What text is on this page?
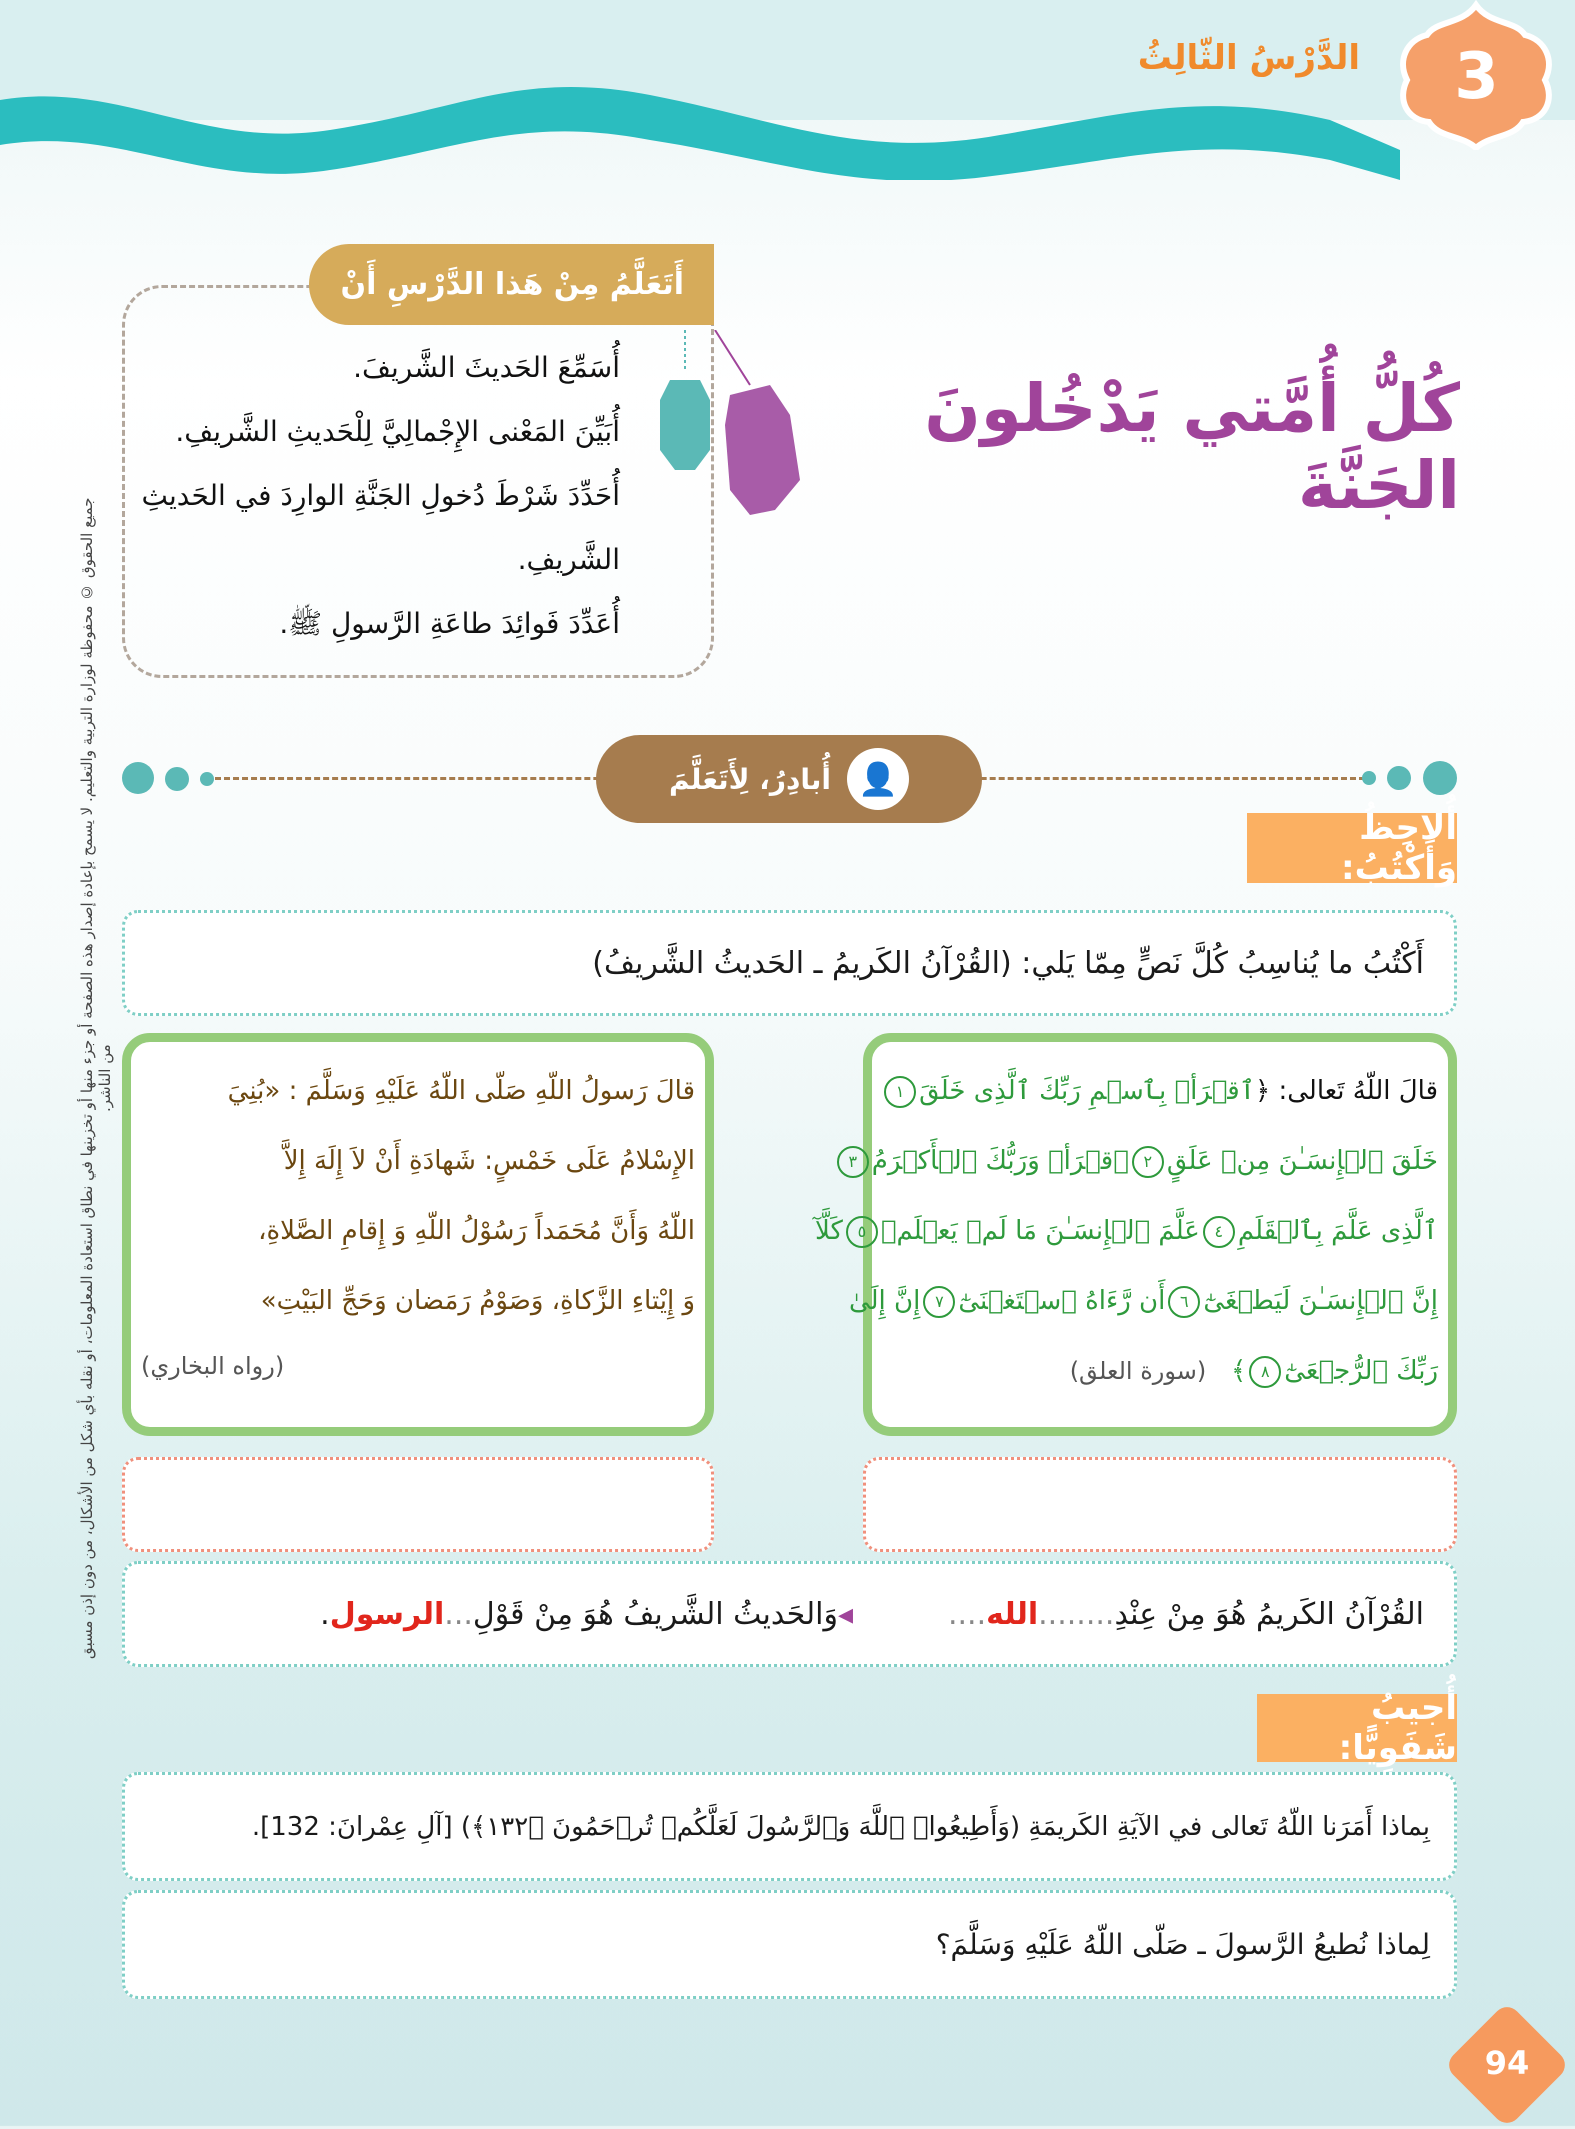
3
الدَّرْسُ الثّالِثُ
أَتَعَلَّمُ مِنْ هَذا الدَّرْسِ أَنْ
أُسَمِّعَ الحَديثَ الشَّريفَ.
أُبَيِّنَ المَعْنى الإِجْمالِيَّ لِلْحَديثِ الشَّريفِ.
أُحَدِّدَ شَرْطَ دُخولِ الجَنَّةِ الوارِدَ في الحَديثِ الشَّريفِ.
أُعَدِّدَ فَوائِدَ طاعَةِ الرَّسولِ ﷺ.
كُلُّ أُمَّتي يَدْخُلونَ الجَنَّةَ
جميع الحقوق © محفوظة لوزارة التربية والتعليم. لا يسمح بإعادة إصدار هذه الصفحة أو جزء منها أو تخزينها في نطاق استعادة المعلومات، أو نقله بأي شكل من الأشكال، من دون إذن مسبق من الناشر.
👤
أُبادِرُ، لِأَتَعَلَّمَ
أُلاحِظُ وَأَكْتُبُ:
أَكْتُبُ ما يُناسِبُ كُلَّ نَصٍّ مِمّا يَلي: (القُرْآنُ الكَريمُ ـ الحَديثُ الشَّريفُ)
قالَ اللّهُ تَعالى: ﴿ٱقۡرَأۡ بِٱسۡمِ رَبِّكَ ٱلَّذِى خَلَقَ١
خَلَقَ ٱلۡإِنسَـٰنَ مِنۡ عَلَقٍ٢ٱقۡرَأۡ وَرَبُّكَ ٱلۡأَكۡرَمُ٣
ٱلَّذِى عَلَّمَ بِٱلۡقَلَمِ٤عَلَّمَ ٱلۡإِنسَـٰنَ مَا لَمۡ يَعۡلَمۡ٥كَلَّآ
إِنَّ ٱلۡإِنسَـٰنَ لَيَطۡغَىٰٓ٦أَن رَّءَاهُ ٱسۡتَغۡنَىٰٓ٧إِنَّ إِلَىٰ
رَبِّكَ ٱلرُّجۡعَىٰٓ٨﴾   (سورة العلق)
قالَ رَسولُ اللّهِ صَلّى اللّهُ عَلَيْهِ وَسَلَّمَ : «بُنِيَ
الإِسْلامُ عَلَى خَمْسٍ: شَهادَةِ أَنْ لاَ إِلَهَ إِلاَّ
اللّهُ وَأَنَّ مُحَمَداً رَسُوْلُ اللّهِ وَ إِقامِ الصَّلاةِ،
وَ إِيْتاءِ الزَّكاةِ، وَصَوْمُ رَمَضان وَحَجِّ البَيْتِ»
(رواه البخاري)
القُرْآنُ الكَريمُ هُوَ مِنْ عِنْدِ
........
الله
....
◂
وَالحَديثُ الشَّريفُ هُوَ مِنْ قَوْلِ
...
الرسول
.
أُجيبُ شَفَوِيًّا:
بِماذا أَمَرَنا اللّهُ تَعالى في الآيَةِ الكَريمَةِ (وَأَطِيعُوا۟ ٱللَّهَ وَٱلرَّسُولَ لَعَلَّكُمۡ تُرۡحَمُونَ ﴿١٣٢﴾) [آلِ عِمْرانَ: 132].
لِماذا نُطيعُ الرَّسولَ ـ صَلّى اللّهُ عَلَيْهِ وَسَلَّمَ؟
94
